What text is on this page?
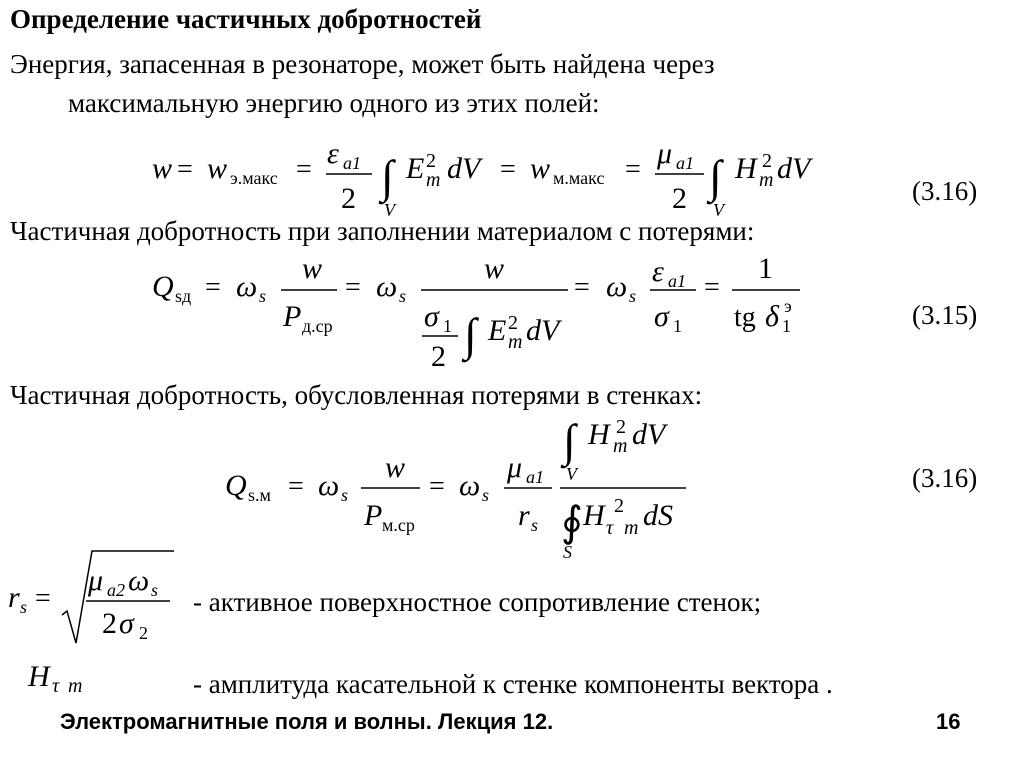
Определение частичных добротностей
Энергия, запасенная в резонаторе, может быть найдена через
максимальную энергию одного из этих полей:
w = w э.макс = ε a1
2 ∫
V
E 2
m dV = w м.макс = μ a1
2 ∫
V
H 2
m dV
(3.16)
Частичная добротность при заполнении материалом с потерями:
Q sд = ω s
w
P д.ср
= ω s
w
σ 1
2 ∫ E 2
m dV
= ω s
ε a1
σ 1
=
1
tg δ 1
э	(3.15)
Частичная добротность, обусловленная потерями в стенках:
Q s.м = ω s
w
P м.ср
= ω s
μ a1
r s
∫
V
H 2
m dV
∮
S
H 2
τ m dS
(3.16)
r s =
μ a2 ω s
2 σ 2
- активное поверхностное сопротивление стенок;
H τ m	- амплитуда касательной к стенке компоненты вектора .
Электромагнитные поля и волны. Лекция 12.	16
